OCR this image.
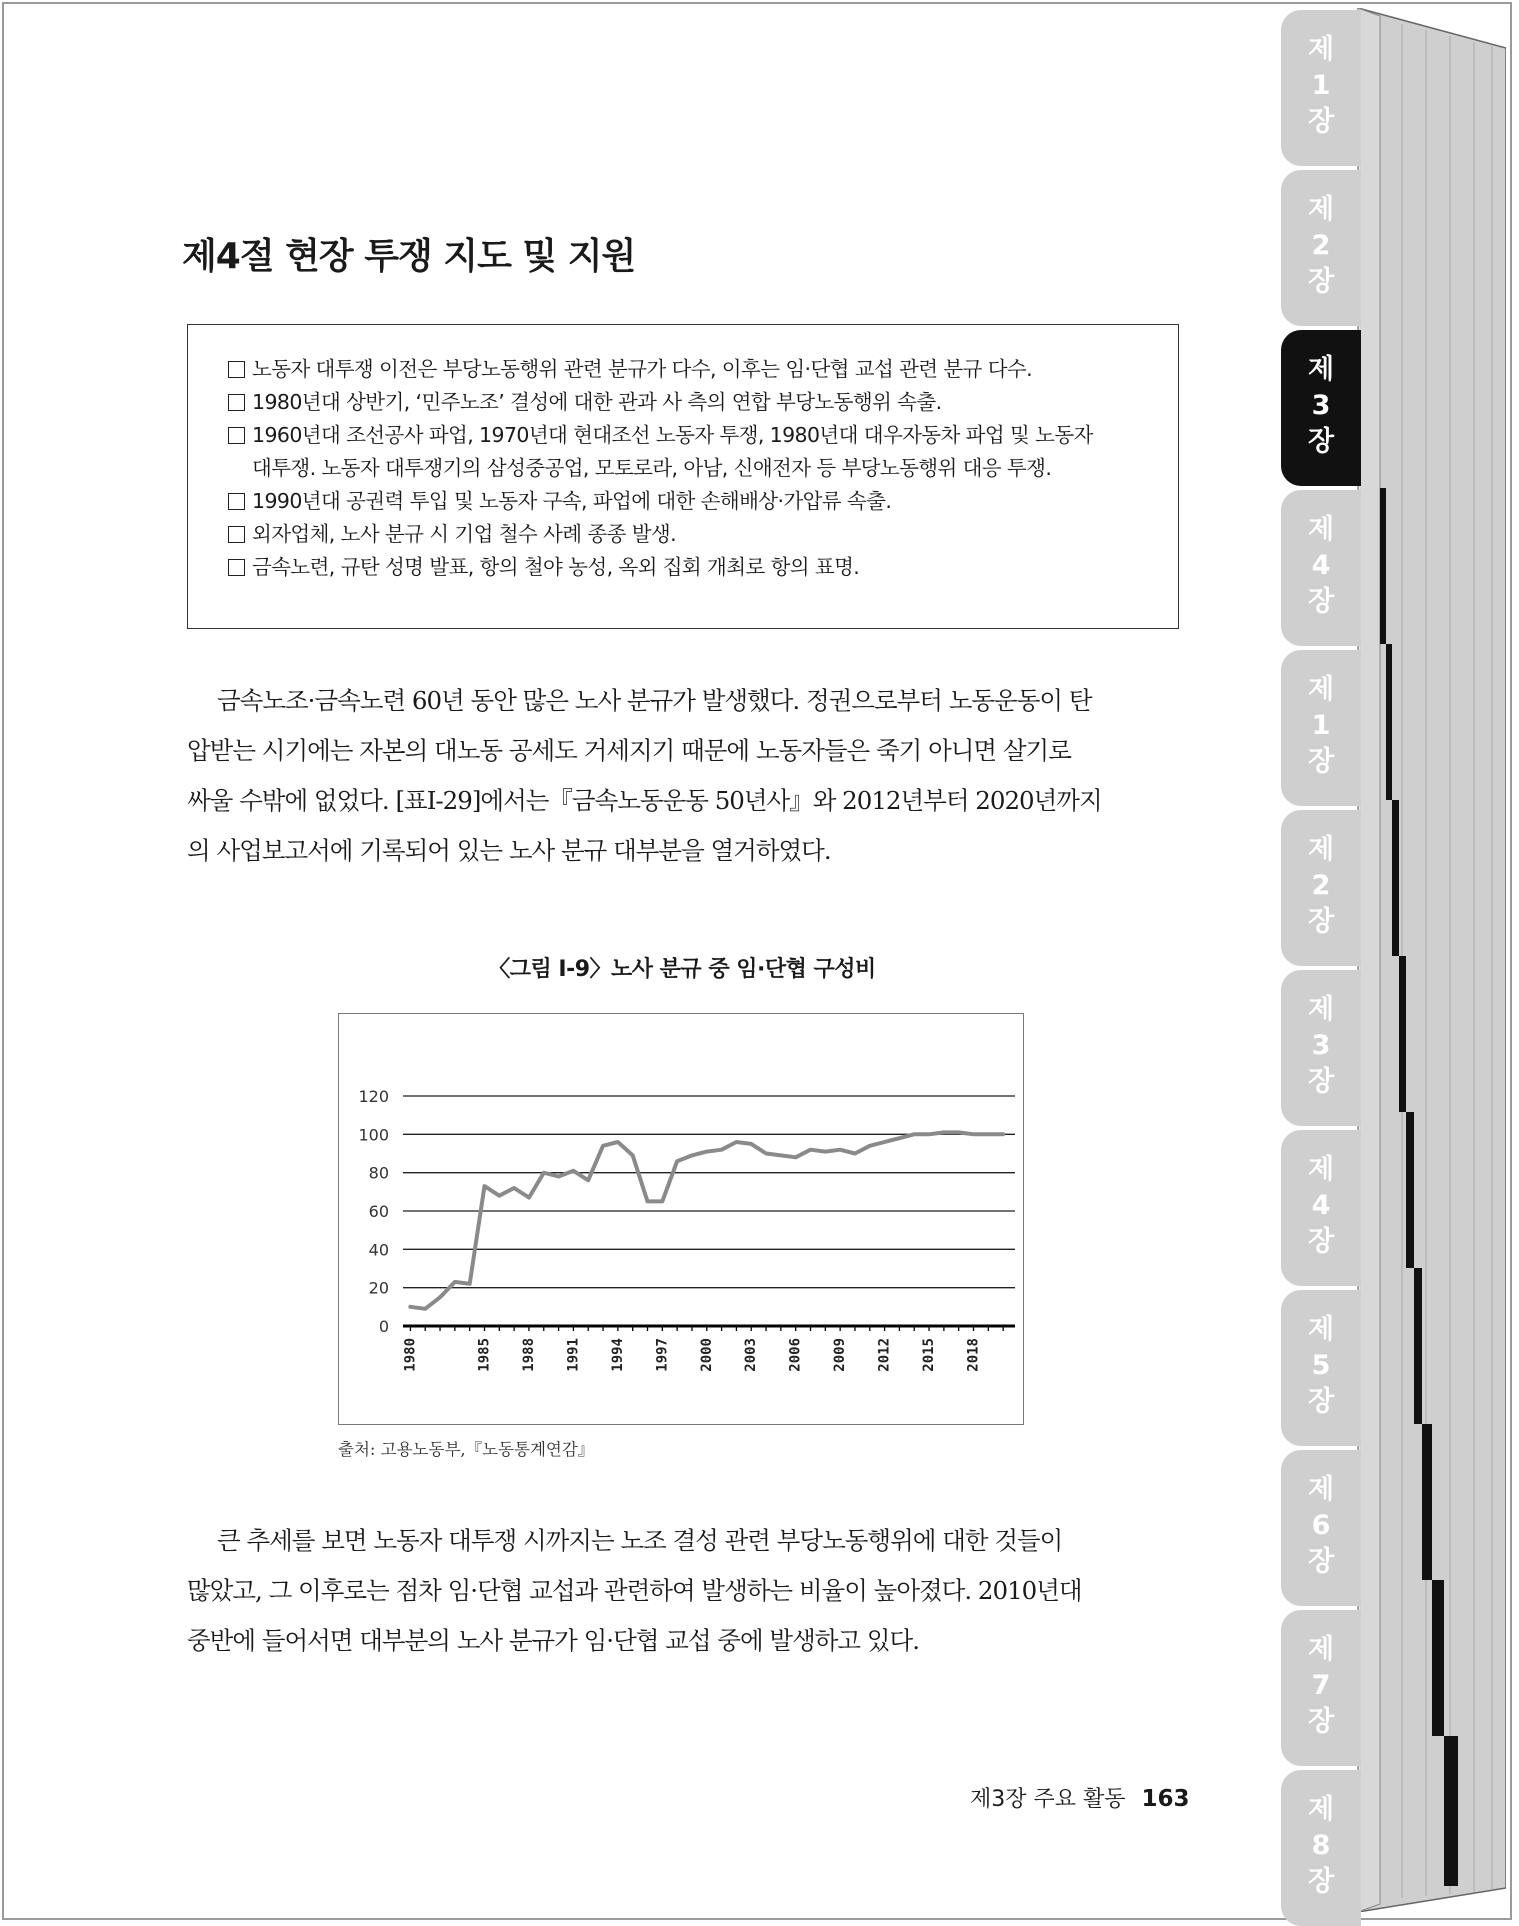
제4절 현장 투쟁 지도 및 지원
노동자 대투쟁 이전은 부당노동행위 관련 분규가 다수, 이후는 임·단협 교섭 관련 분규 다수.
1980년대 상반기, ‘민주노조’ 결성에 대한 관과 사 측의 연합 부당노동행위 속출.
1960년대 조선공사 파업, 1970년대 현대조선 노동자 투쟁, 1980년대 대우자동차 파업 및 노동자
대투쟁. 노동자 대투쟁기의 삼성중공업, 모토로라, 아남, 신애전자 등 부당노동행위 대응 투쟁.
1990년대 공권력 투입 및 노동자 구속, 파업에 대한 손해배상·가압류 속출.
외자업체, 노사 분규 시 기업 철수 사례 종종 발생.
금속노련, 규탄 성명 발표, 항의 철야 농성, 옥외 집회 개최로 항의 표명.
금속노조·금속노련 60년 동안 많은 노사 분규가 발생했다. 정권으로부터 노동운동이 탄
압받는 시기에는 자본의 대노동 공세도 거세지기 때문에 노동자들은 죽기 아니면 살기로
싸울 수밖에 없었다. [표Ⅰ-29]에서는『금속노동운동 50년사』와 2012년부터 2020년까지
의 사업보고서에 기록되어 있는 노사 분규 대부분을 열거하였다.

〈그림 Ⅰ-9〉노사 분규 중 임·단협 구성비

120
100
80
60
40
20
0
1980	1985 1988 1991 1994 1997 2000 2003 2006 2009 2012 2015 2018

출처: 고용노동부,『노동통계연감』

큰 추세를 보면 노동자 대투쟁 시까지는 노조 결성 관련 부당노동행위에 대한 것들이
많았고, 그 이후로는 점차 임·단협 교섭과 관련하여 발생하는 비율이 높아졌다. 2010년대
중반에 들어서면 대부분의 노사 분규가 임·단협 교섭 중에 발생하고 있다.
제3장 주요 활동 163
제
1
장
제
2
장
제
3
장
제
4
장
제
1
장
제
2
장
제
3
장
제
4
장
제
5
장
제
6
장
제
7
장
제
8
장
